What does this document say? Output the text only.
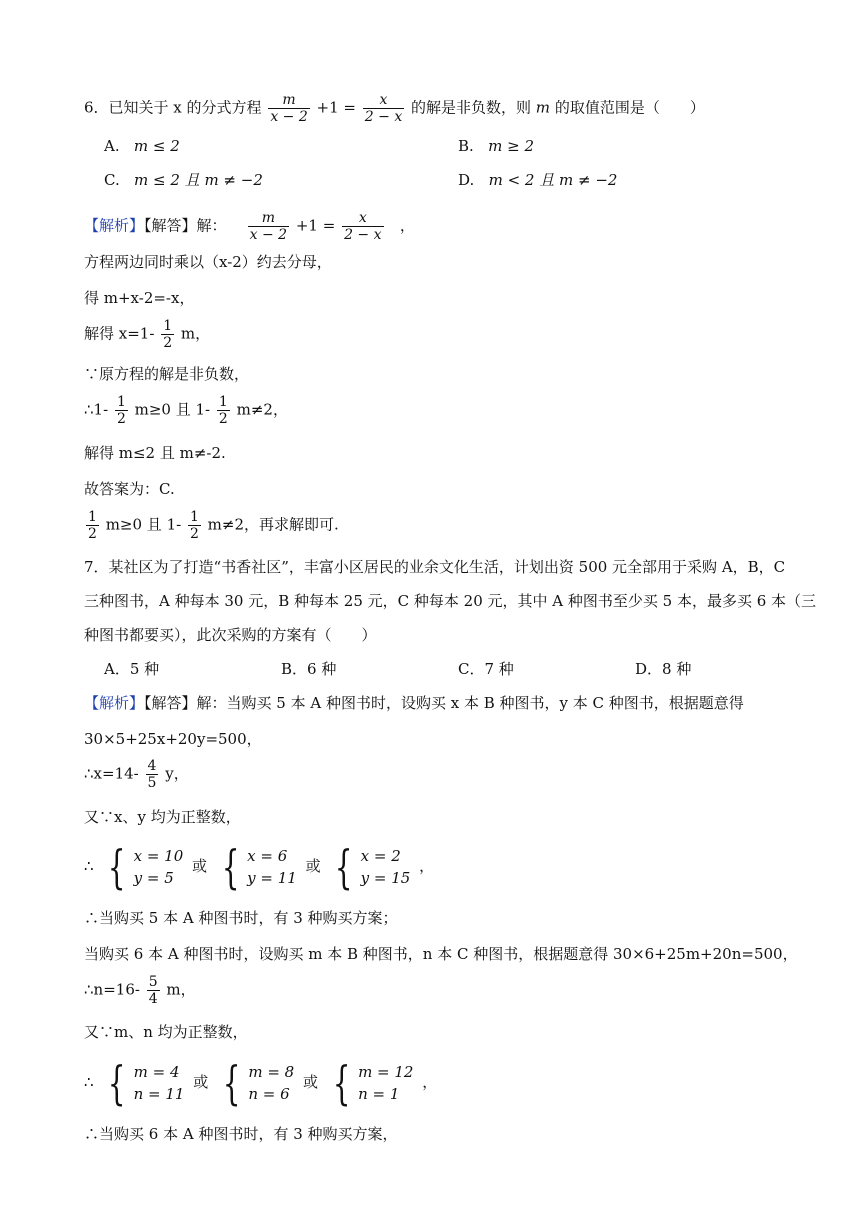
6．已知关于 x 的分式方程 $\frac{m}{x - 2} +1 = \frac{x}{2 - x}$ 的解是非负数，则 m 的取值范围是（　　）
A. m ≤ 2	B. m ≥ 2
C. m ≤ 2 且 m ≠ −2	D. m < 2 且 m ≠ −2
【解析】【解答】解： $\frac{m}{x - 2} +1 = \frac{x}{2 - x}$ ，
方程两边同时乘以（x-2）约去分母，
得 m+x-2=-x，
解得 $x=1- \frac{1}{2}$ m，
∵原方程的解是非负数，
∴1- $\frac{1}{2} m\ge 0$ 且 $1- \frac{1}{2} m\ne 2$，
解得 m≤2 且 m≠-2.
故答案为：C.
$\frac{1}{2} m\ge 0$ 且 $1- \frac{1}{2} m\ne 2$，再求解即可.
7．某社区为了打造“书香社区”，丰富小区居民的业余文化生活，计划出资 500 元全部用于采购 A，B，C
三种图书，A 种每本 30 元，B 种每本 25 元，C 种每本 20 元，其中 A 种图书至少买 5 本，最多买 6 本（三
种图书都要买），此次采购的方案有（　　）
A．5 种	B．6 种	C．7 种	D．8 种
【解析】【解答】解：当购买 5 本 A 种图书时，设购买 x 本 B 种图书，y 本 C 种图书，根据题意得
30×5+25x+20y=500，
∴x=14- $\frac{4}{5}$ y，
又∵x、y 均为正整数，
∴ { x = 10
y = 5
或 { x = 6
y = 11
或 { x = 2
y = 15
，
∴当购买 5 本 A 种图书时，有 3 种购买方案；
当购买 6 本 A 种图书时，设购买 m 本 B 种图书，n 本 C 种图书，根据题意得 30×6+25m+20n=500，
∴n=16- $\frac{5}{4}$ m，
又∵m、n 均为正整数，
∴ { m = 4
n = 11
或 { m = 8
n = 6
或 { m = 12
n = 1
，
∴当购买 6 本 A 种图书时，有 3 种购买方案，
